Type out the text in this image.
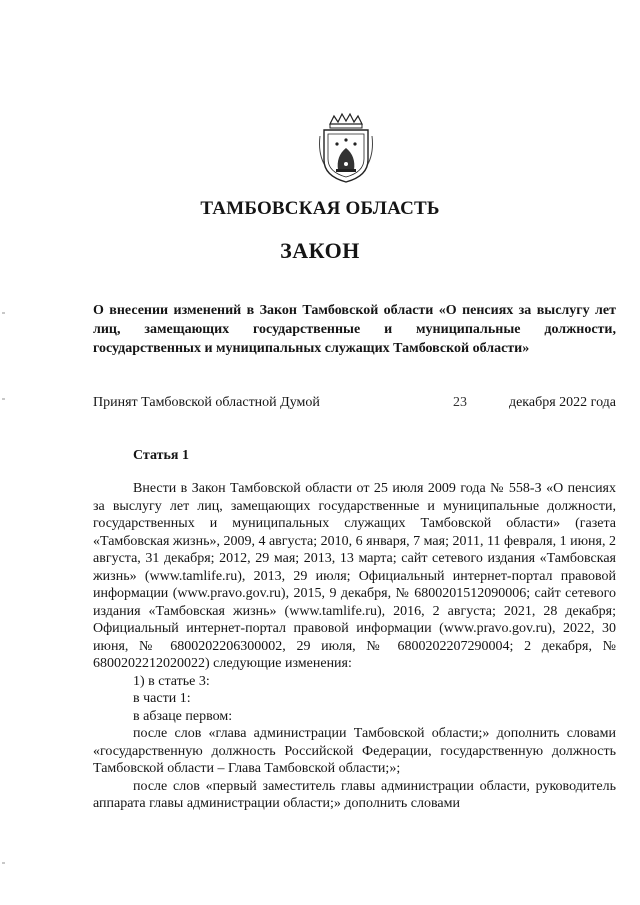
ТАМБОВСКАЯ ОБЛАСТЬ
ЗАКОН
О внесении изменений в Закон Тамбовской области «О пенсиях за выслугу лет лиц, замещающих государственные и муниципальные должности, государственных и муниципальных служащих Тамбовской области»
Принят Тамбовской областной Думой	23	декабря 2022 года
Статья 1

Внести в Закон Тамбовской области от 25 июля 2009 года № 558-З «О пенсиях за выслугу лет лиц, замещающих государственные и муниципальные должности, государственных и муниципальных служащих Тамбовской области» (газета «Тамбовская жизнь», 2009, 4 августа; 2010, 6 января, 7 мая; 2011, 11 февраля, 1 июня, 2 августа, 31 декабря; 2012, 29 мая; 2013, 13 марта; сайт сетевого издания «Тамбовская жизнь» (www.tamlife.ru), 2013, 29 июля; Официальный интернет-портал правовой информации (www.pravo.gov.ru), 2015, 9 декабря, № 6800201512090006; сайт сетевого издания «Тамбовская жизнь» (www.tamlife.ru), 2016, 2 августа; 2021, 28 декабря; Официальный интернет-портал правовой информации (www.pravo.gov.ru), 2022, 30 июня, № 6800202206300002, 29 июля, № 6800202207290004; 2 декабря, № 6800202212020022) следующие изменения:

1) в статье 3:

в части 1:

в абзаце первом:

после слов «глава администрации Тамбовской области;» дополнить словами «государственную должность Российской Федерации, государственную должность Тамбовской области – Глава Тамбовской области;»;

после слов «первый заместитель главы администрации области, руководитель аппарата главы администрации области;» дополнить словами
